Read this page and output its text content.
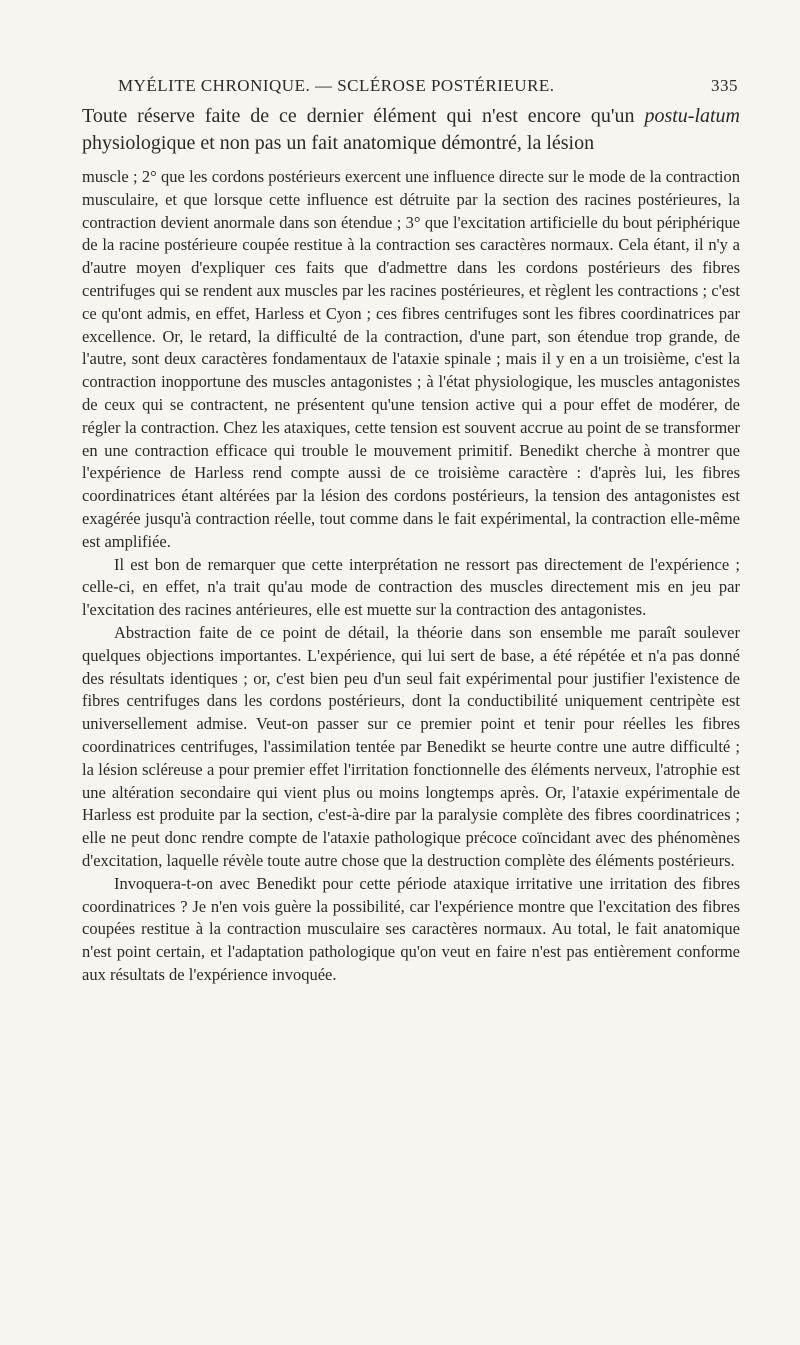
MYÉLITE CHRONIQUE. — SCLÉROSE POSTÉRIEURE.	335
Toute réserve faite de ce dernier élément qui n'est encore qu'un postu-latum physiologique et non pas un fait anatomique démontré, la lésion

muscle ; 2° que les cordons postérieurs exercent une influence directe sur le mode de la contraction musculaire, et que lorsque cette influence est détruite par la section des racines postérieures, la contraction devient anormale dans son étendue ; 3° que l'excitation artificielle du bout périphérique de la racine postérieure coupée restitue à la contraction ses caractères normaux. Cela étant, il n'y a d'autre moyen d'expliquer ces faits que d'admettre dans les cordons postérieurs des fibres centrifuges qui se rendent aux muscles par les racines postérieures, et règlent les contractions ; c'est ce qu'ont admis, en effet, Harless et Cyon ; ces fibres centrifuges sont les fibres coordinatrices par excellence. Or, le retard, la difficulté de la contraction, d'une part, son étendue trop grande, de l'autre, sont deux caractères fondamentaux de l'ataxie spinale ; mais il y en a un troisième, c'est la contraction inopportune des muscles antagonistes ; à l'état physiologique, les muscles antagonistes de ceux qui se contractent, ne présentent qu'une tension active qui a pour effet de modérer, de régler la contraction. Chez les ataxiques, cette tension est souvent accrue au point de se transformer en une contraction efficace qui trouble le mouvement primitif. Benedikt cherche à montrer que l'expérience de Harless rend compte aussi de ce troisième caractère : d'après lui, les fibres coordinatrices étant altérées par la lésion des cordons postérieurs, la tension des antagonistes est exagérée jusqu'à contraction réelle, tout comme dans le fait expérimental, la contraction elle-même est amplifiée.

Il est bon de remarquer que cette interprétation ne ressort pas directement de l'expérience ; celle-ci, en effet, n'a trait qu'au mode de contraction des muscles directement mis en jeu par l'excitation des racines antérieures, elle est muette sur la contraction des antagonistes.

Abstraction faite de ce point de détail, la théorie dans son ensemble me paraît soulever quelques objections importantes. L'expérience, qui lui sert de base, a été répétée et n'a pas donné des résultats identiques ; or, c'est bien peu d'un seul fait expérimental pour justifier l'existence de fibres centrifuges dans les cordons postérieurs, dont la conductibilité uniquement centripète est universellement admise. Veut-on passer sur ce premier point et tenir pour réelles les fibres coordinatrices centrifuges, l'assimilation tentée par Benedikt se heurte contre une autre difficulté ; la lésion scléreuse a pour premier effet l'irritation fonctionnelle des éléments nerveux, l'atrophie est une altération secondaire qui vient plus ou moins longtemps après. Or, l'ataxie expérimentale de Harless est produite par la section, c'est-à-dire par la paralysie complète des fibres coordinatrices ; elle ne peut donc rendre compte de l'ataxie pathologique précoce coïncidant avec des phénomènes d'excitation, laquelle révèle toute autre chose que la destruction complète des éléments postérieurs.

Invoquera-t-on avec Benedikt pour cette période ataxique irritative une irritation des fibres coordinatrices ? Je n'en vois guère la possibilité, car l'expérience montre que l'excitation des fibres coupées restitue à la contraction musculaire ses caractères normaux. Au total, le fait anatomique n'est point certain, et l'adaptation pathologique qu'on veut en faire n'est pas entièrement conforme aux résultats de l'expérience invoquée.
